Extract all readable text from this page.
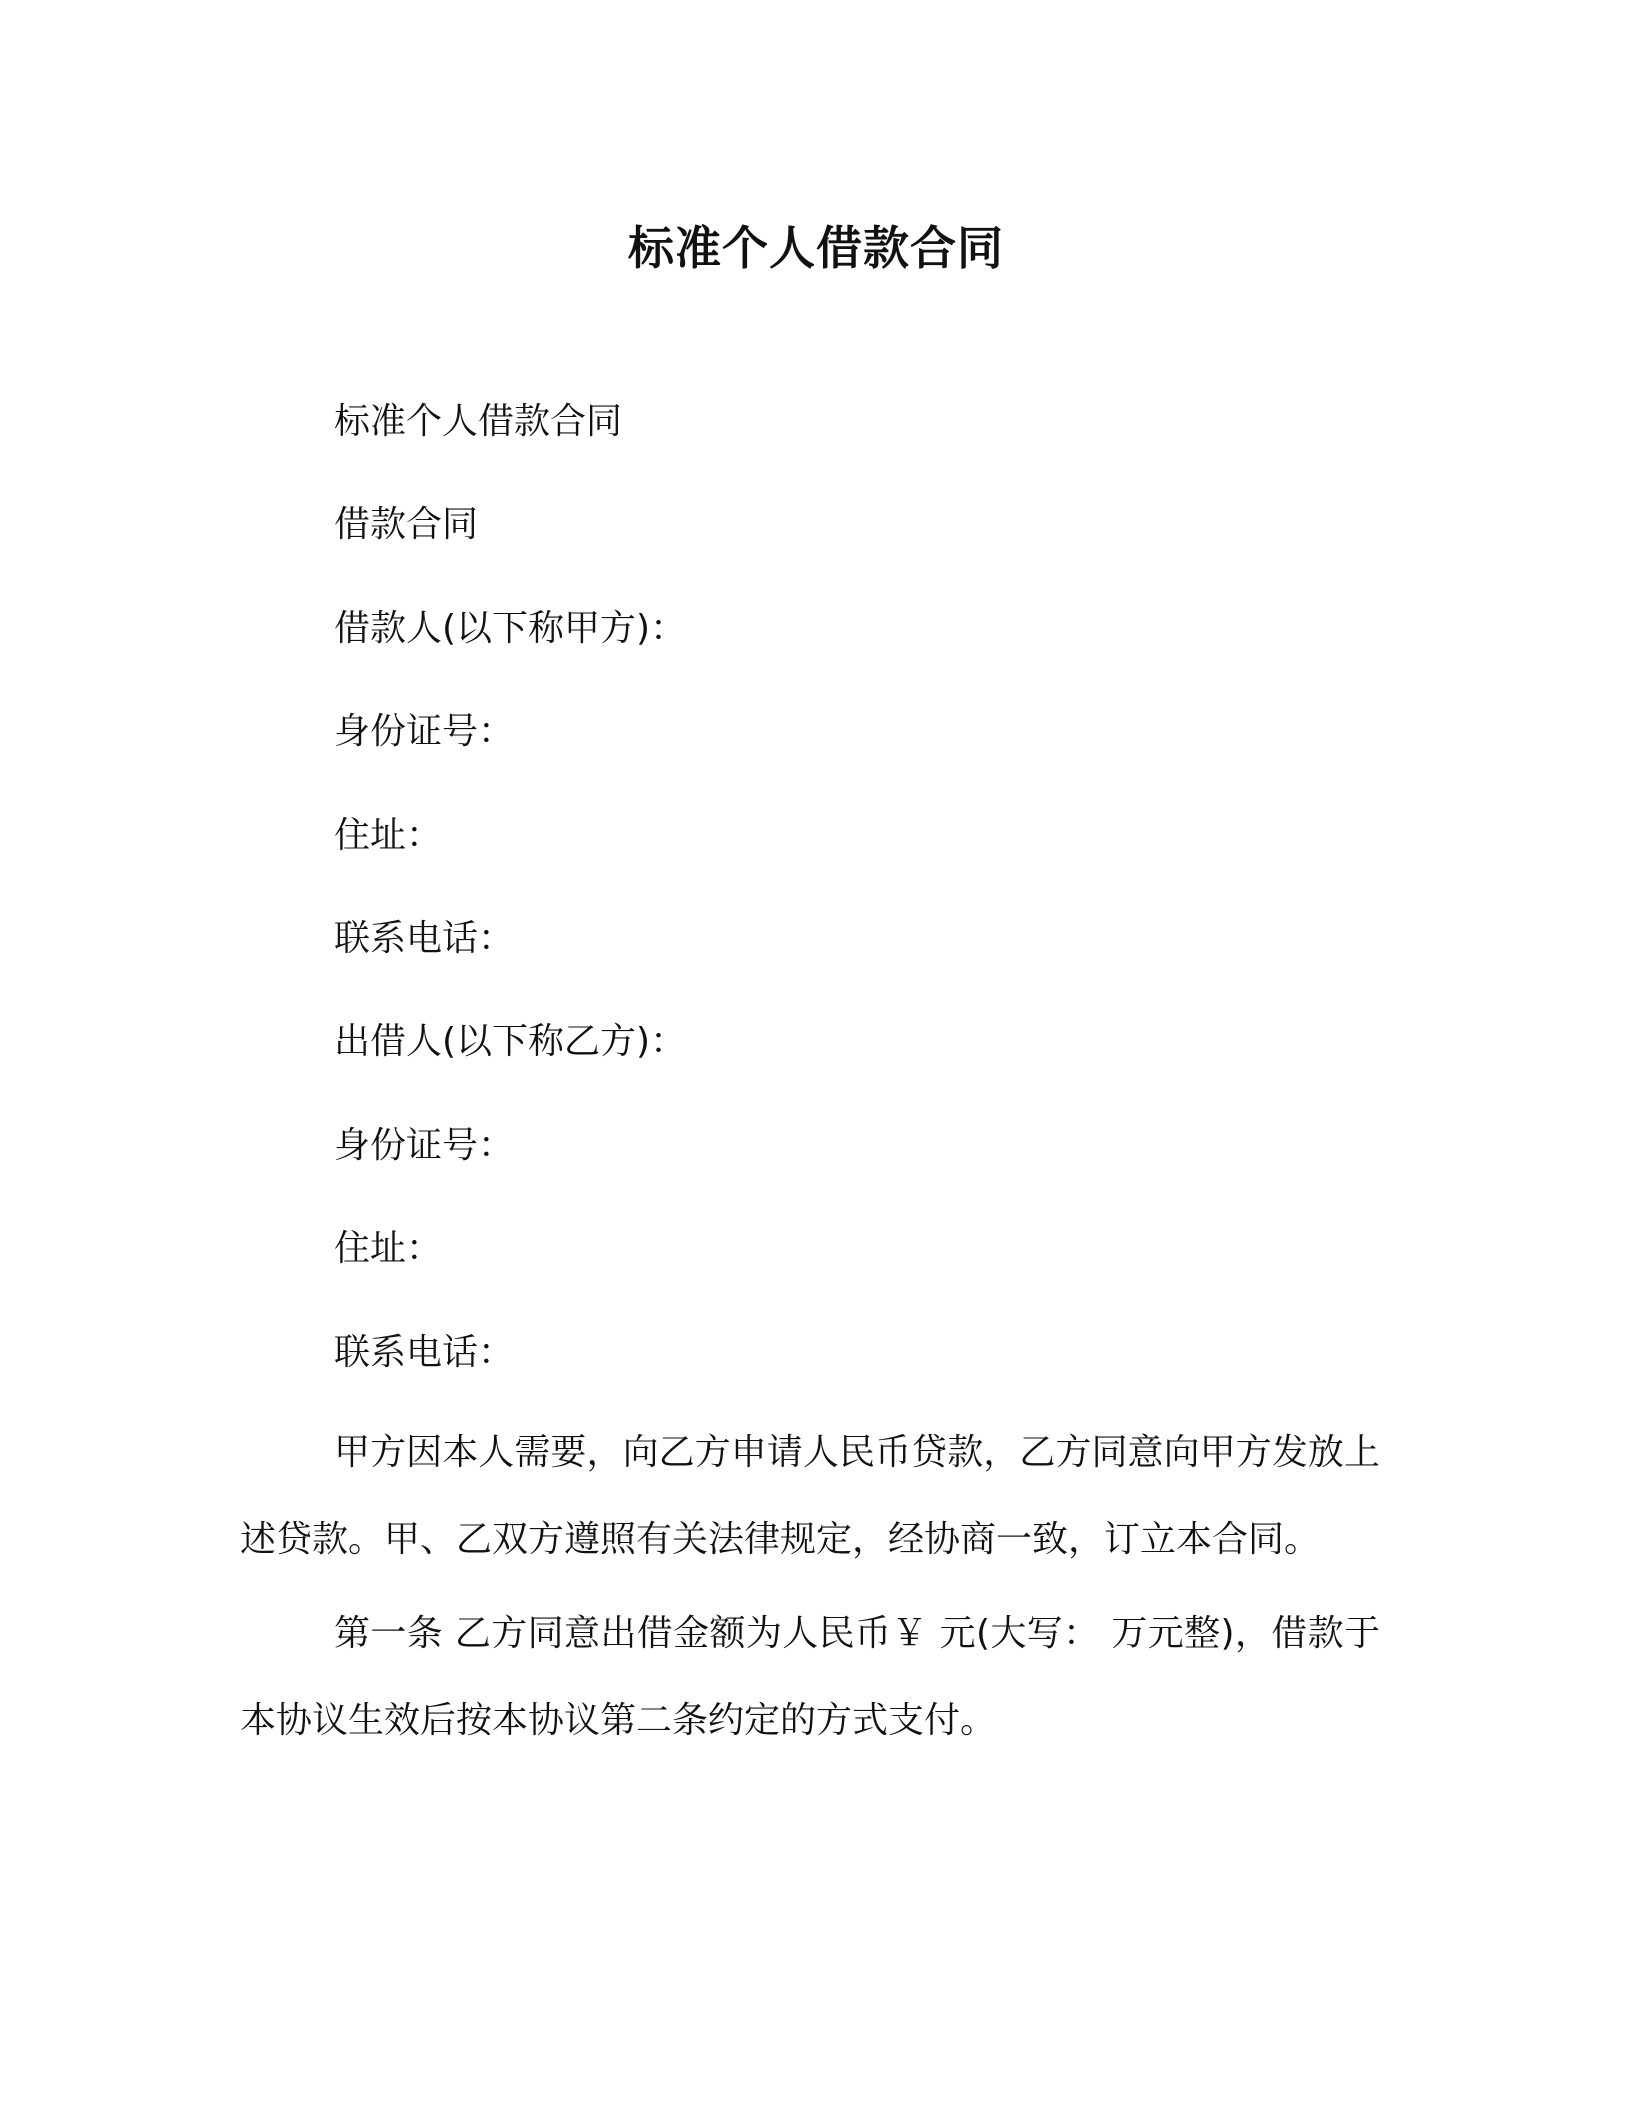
标准个人借款合同
标准个人借款合同
借款合同
借款人(以下称甲方)：
身份证号：
住址：
联系电话：
出借人(以下称乙方)：
身份证号：
住址：
联系电话：
甲方因本人需要，向乙方申请人民币贷款，乙方同意向甲方发放上述贷款。甲、乙双方遵照有关法律规定，经协商一致，订立本合同。
第一条 乙方同意出借金额为人民币￥ 元(大写： 万元整)，借款于本协议生效后按本协议第二条约定的方式支付。
